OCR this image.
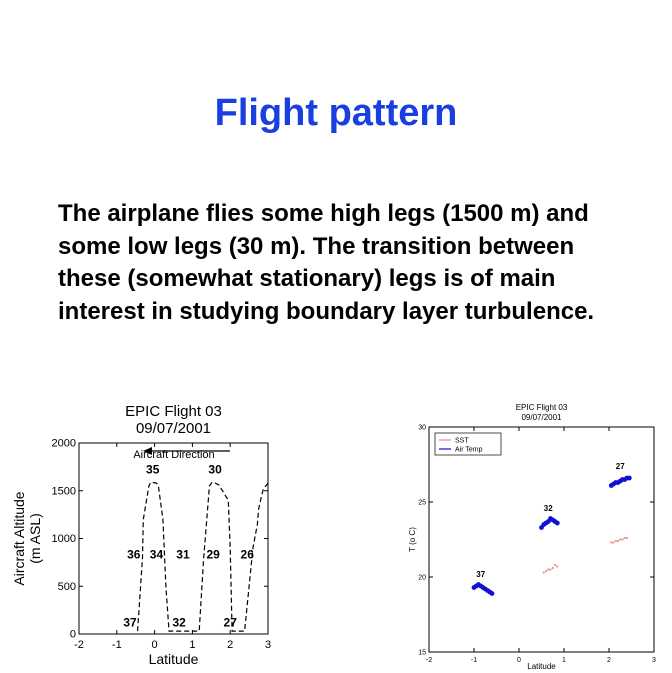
Flight pattern

The airplane flies some high legs (1500 m) and some low legs (30 m). The transition between these (somewhat stationary) legs is of main interest in studying boundary layer turbulence.

EPIC Flight 03
09/07/2001
-2	-1	0	1	2	3
0
500
1000
1500
2000
Latitude
Aircraft Altitude (m ASL)
Aircraft Direction
35	30
36 34 31 29 26
37	32	27
EPIC Flight 03
09/07/2001
-2	-1	0	1	2	3
15
20
25
30
Latitude
T (o C)
SST
Air Temp
37
32
27
